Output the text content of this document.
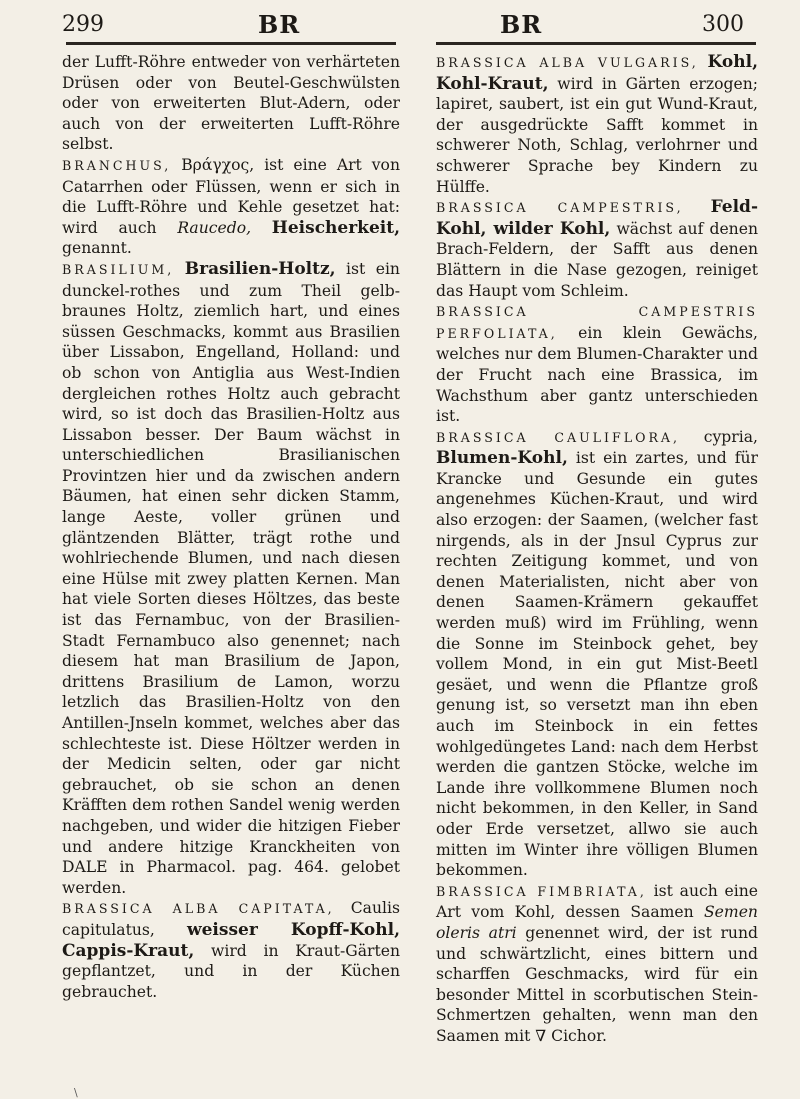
299	BR	BR	300

der Lufft-Röhre entweder von verhärteten Drüsen oder von Beutel-Geschwülsten oder von erweiterten Blut-Adern, oder auch von der erweiterten Lufft-Röhre selbst.

BRANCHUS, Βράγχος, ist eine Art von Catarrhen oder Flüssen, wenn er sich in die Lufft-Röhre und Kehle gesetzet hat: wird auch Raucedo, Heischerkeit, genannt.

BRASILIUM, Brasilien-Holtz, ist ein dunckel-rothes und zum Theil gelb-braunes Holtz, ziemlich hart, und eines süssen Geschmacks, kommt aus Brasilien über Lissabon, Engelland, Holland: und ob schon von Antiglia aus West-Indien dergleichen rothes Holtz auch gebracht wird, so ist doch das Brasilien-Holtz aus Lissabon besser. Der Baum wächst in unterschiedlichen Brasilianischen Provintzen hier und da zwischen andern Bäumen, hat einen sehr dicken Stamm, lange Aeste, voller grünen und gläntzenden Blätter, trägt rothe und wohlriechende Blumen, und nach diesen eine Hülse mit zwey platten Kernen. Man hat viele Sorten dieses Höltzes, das beste ist das Fernambuc, von der Brasilien-Stadt Fernambuco also genennet; nach diesem hat man Brasilium de Japon, drittens Brasilium de Lamon, worzu letzlich das Brasilien-Holtz von den Antillen-Jnseln kommet, welches aber das schlechteste ist. Diese Höltzer werden in der Medicin selten, oder gar nicht gebrauchet, ob sie schon an denen Kräfften dem rothen Sandel wenig werden nachgeben, und wider die hitzigen Fieber und andere hitzige Kranckheiten von DALE in Pharmacol. pag. 464. gelobet werden.

BRASSICA ALBA CAPITATA, Caulis capitulatus, weisser Kopff-Kohl, Cappis-Kraut, wird in Kraut-Gärten gepflantzet, und in der Küchen gebrauchet.

BRASSICA ALBA VULGARIS, Kohl, Kohl-Kraut, wird in Gärten erzogen; lapiret, saubert, ist ein gut Wund-Kraut, der ausgedrückte Safft kommet in schwerer Noth, Schlag, verlohrner und schwerer Sprache bey Kindern zu Hülffe.

BRASSICA CAMPESTRIS, Feld-Kohl, wilder Kohl, wächst auf denen Brach-Feldern, der Safft aus denen Blättern in die Nase gezogen, reiniget das Haupt vom Schleim.

BRASSICA CAMPESTRIS PERFOLIATA, ein klein Gewächs, welches nur dem Blumen-Charakter und der Frucht nach eine Brassica, im Wachsthum aber gantz unterschieden ist.

BRASSICA CAULIFLORA, cypria, Blumen-Kohl, ist ein zartes, und für Krancke und Gesunde ein gutes angenehmes Küchen-Kraut, und wird also erzogen: der Saamen, (welcher fast nirgends, als in der Jnsul Cyprus zur rechten Zeitigung kommet, und von denen Materialisten, nicht aber von denen Saamen-Krämern gekauffet werden muß) wird im Frühling, wenn die Sonne im Steinbock gehet, bey vollem Mond, in ein gut Mist-Beetl gesäet, und wenn die Pflantze groß genung ist, so versetzt man ihn eben auch im Steinbock in ein fettes wohlgedüngetes Land: nach dem Herbst werden die gantzen Stöcke, welche im Lande ihre vollkommene Blumen noch nicht bekommen, in den Keller, in Sand oder Erde versetzet, allwo sie auch mitten im Winter ihre völligen Blumen bekommen.

BRASSICA FIMBRIATA, ist auch eine Art vom Kohl, dessen Saamen Semen oleris atri genennet wird, der ist rund und schwärtzlicht, eines bittern und scharffen Geschmacks, wird für ein besonder Mittel in scorbutischen Stein-Schmertzen gehalten, wenn man den Saamen mit ∇ Cichor.

\
